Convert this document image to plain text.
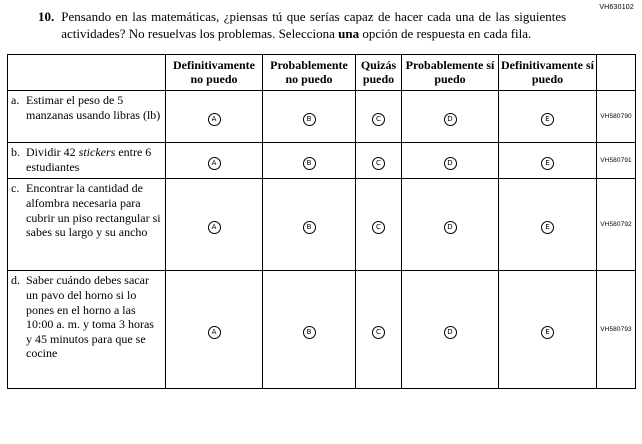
VH630102
10. Pensando en las matemáticas, ¿piensas tú que serías capaz de hacer cada una de las siguientes actividades? No resuelvas los problemas. Selecciona una opción de respuesta en cada fila.
	Definitivamente no puedo	Probablemente no puedo	Quizás puedo	Probablemente sí puedo	Definitivamente sí puedo	

a. Estimar el peso de 5 manzanas usando libras (lb)	A	B	C	D	E	VH580790

b. Dividir 42 stickers entre 6 estudiantes	A	B	C	D	E	VH580791

c. Encontrar la cantidad de alfombra necesaria para cubrir un piso rectangular si sabes su largo y su ancho	A	B	C	D	E	VH580792

d. Saber cuándo debes sacar un pavo del horno si lo pones en el horno a las 10:00 a. m. y toma 3 horas y 45 minutos para que se cocine	A	B	C	D	E	VH580793
